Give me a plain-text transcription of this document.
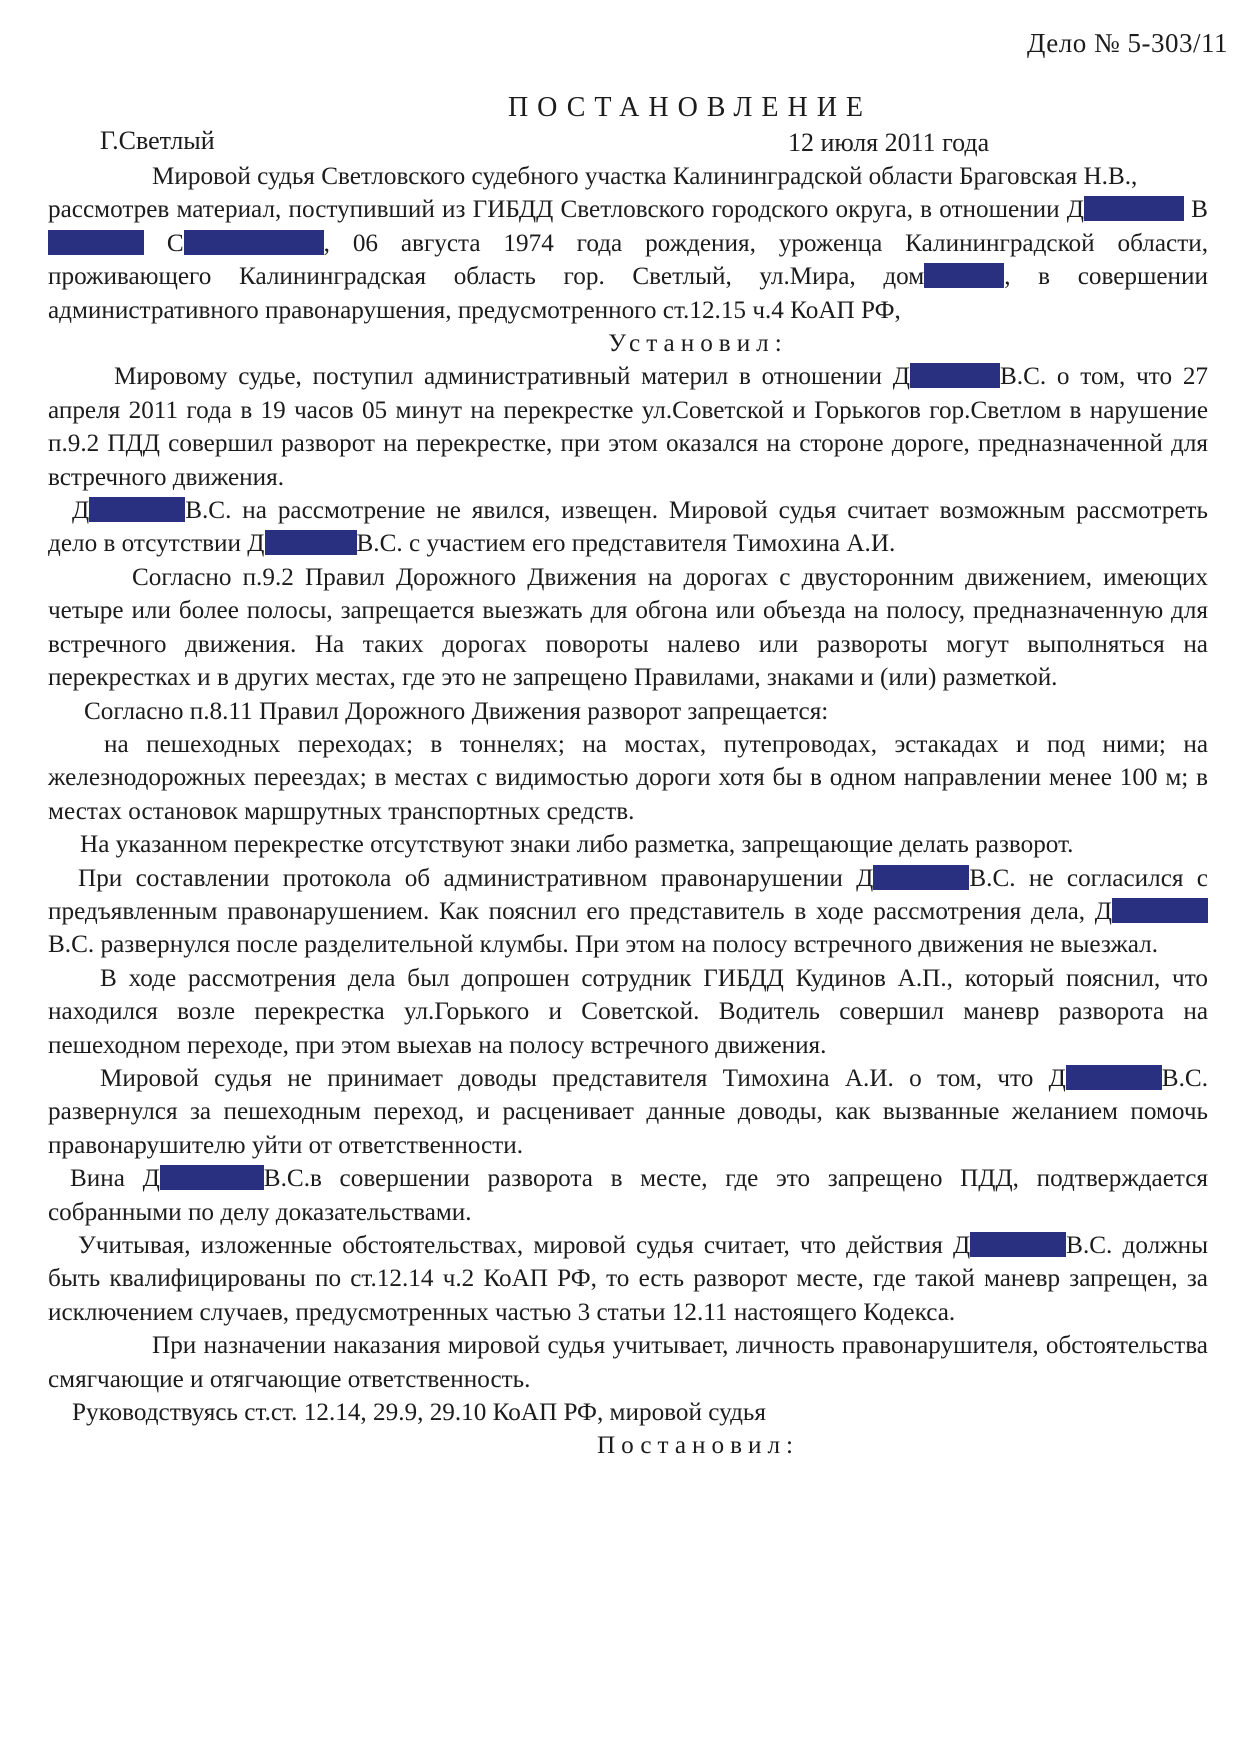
Дело № 5-303/11
ПОСТАНОВЛЕНИЕ
Г.Светлый	12 июля 2011 года

Мировой судья Светловского судебного участка Калининградской области Браговская Н.В.,

рассмотрев материал, поступивший из ГИБДД Светловского городского округа, в отношении Д	В С	, 06 августа 1974 года рождения, уроженца Калининградской области, проживающего Калининградская область гор. Светлый, ул.Мира, дом	, в совершении административного правонарушения, предусмотренного ст.12.15 ч.4 КоАП РФ,

Установил:

Мировому судье, поступил административный материл в отношении Д	В.С. о том, что 27 апреля 2011 года в 19 часов 05 минут на перекрестке ул.Советской и Горькогов гор.Светлом в нарушение п.9.2 ПДД совершил разворот на перекрестке, при этом оказался на стороне дороге, предназначенной для встречного движения.

Д	В.С. на рассмотрение не явился, извещен. Мировой судья считает возможным рассмотреть дело в отсутствии Д	В.С. с участием его представителя Тимохина А.И.

Согласно п.9.2 Правил Дорожного Движения на дорогах с двусторонним движением, имеющих четыре или более полосы, запрещается выезжать для обгона или объезда на полосу, предназначенную для встречного движения. На таких дорогах повороты налево или развороты могут выполняться на перекрестках и в других местах, где это не запрещено Правилами, знаками и (или) разметкой.

Согласно п.8.11 Правил Дорожного Движения разворот запрещается:

на пешеходных переходах; в тоннелях; на мостах, путепроводах, эстакадах и под ними; на железнодорожных переездах; в местах с видимостью дороги хотя бы в одном направлении менее 100 м; в местах остановок маршрутных транспортных средств.

На указанном перекрестке отсутствуют знаки либо разметка, запрещающие делать разворот.

При составлении протокола об административном правонарушении Д	В.С. не согласился с предъявленным правонарушением. Как пояснил его представитель в ходе рассмотрения дела, ДВ.С. развернулся после разделительной клумбы. При этом на полосу встречного движения не выезжал.

В ходе рассмотрения дела был допрошен сотрудник ГИБДД Кудинов А.П., который пояснил, что находился возле перекрестка ул.Горького и Советской. Водитель совершил маневр разворота на пешеходном переходе, при этом выехав на полосу встречного движения.

Мировой судья не принимает доводы представителя Тимохина А.И. о том, что Д	В.С. развернулся за пешеходным переход, и расценивает данные доводы, как вызванные желанием помочь правонарушителю уйти от ответственности.

Вина Д	В.С.в совершении разворота в месте, где это запрещено ПДД, подтверждается собранными по делу доказательствами.

Учитывая, изложенные обстоятельствах, мировой судья считает, что действия Д	В.С. должны быть квалифицированы по ст.12.14 ч.2 КоАП РФ, то есть разворот месте, где такой маневр запрещен, за исключением случаев, предусмотренных частью 3 статьи 12.11 настоящего Кодекса.

При назначении наказания мировой судья учитывает, личность правонарушителя, обстоятельства смягчающие и отягчающие ответственность.

Руководствуясь ст.ст. 12.14, 29.9, 29.10 КоАП РФ, мировой судья

Постановил:
